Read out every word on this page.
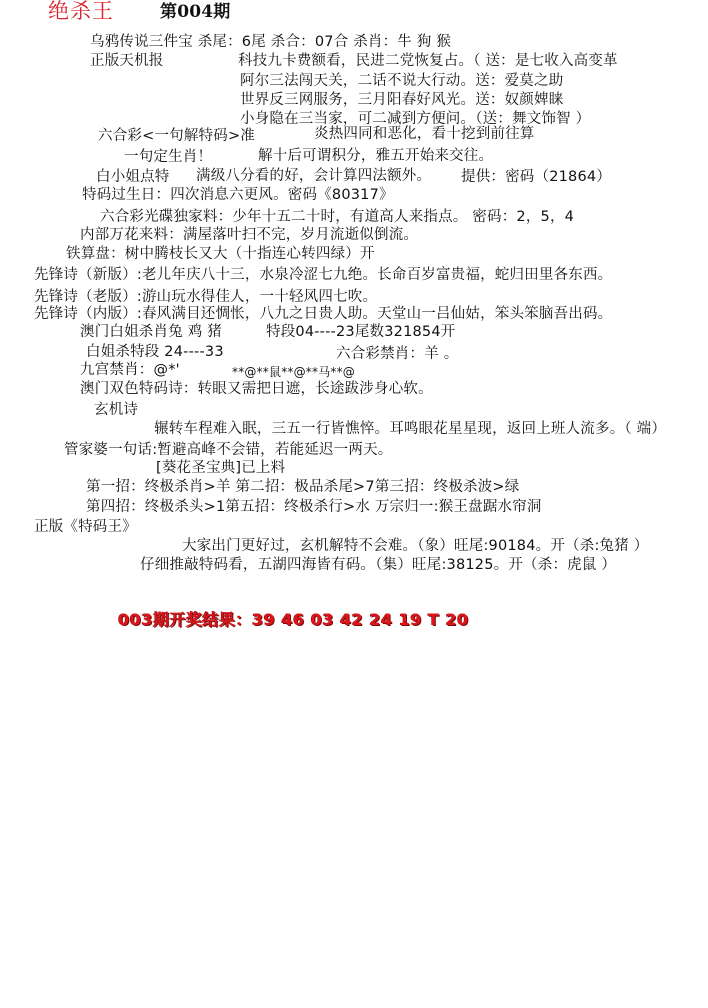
绝杀王	第004期
乌鸦传说三件宝 杀尾：6尾 杀合：07合 杀肖：牛 狗 猴
正版天机报	科技九卡费额看，民进二党恢复占。（ 送：是七收入高变革
阿尔三法闯天关，二话不说大行动。送：爱莫之助
世界反三网服务，三月阳春好风光。送：奴颜婢睐
小身隐在三当家，可二减到方便问。（送：舞文饰智 ）
六合彩<一句解特码>准	炎热四同和恶化，看十挖到前往算
一句定生肖！	解十后可谓积分，雅五开始来交往。
白小姐点特 满级八分看的好，会计算四法额外。 提供：密码（21864）
特码过生日：四次消息六更风。密码《80317》
六合彩光碟独家料：少年十五二十时，有道高人来指点。 密码：2，5，4
内部万花来料：满屋落叶扫不完，岁月流逝似倒流。
铁算盘：树中腾枝长又大（十指连心转四绿）开
先锋诗（新版）:老儿年庆八十三，水泉冷涩七九绝。长命百岁富贵福，蛇归田里各东西。
先锋诗（老版）:游山玩水得佳人，一十轻风四七吹。
先锋诗（内版）:春风满目还惆怅，八九之日贵人助。天堂山一吕仙姑，笨头笨脑吾出码。
澳门白姐杀肖兔 鸡 猪	特段04----23尾数321854开
白姐杀特段 24----33	六合彩禁肖：羊 。
九宫禁肖：@*'	**@**鼠**@**马**@
澳门双色特码诗：转眼又需把日遮，长途跋涉身心软。
玄机诗
辗转车程难入眠，三五一行皆憔悴。耳鸣眼花星星现，返回上班人流多。（ 端）
管家婆一句话:暂避高峰不会错，若能延迟一两天。
[葵花圣宝典]已上料
第一招：终极杀肖>羊 第二招：极品杀尾>7第三招：终极杀波>绿
第四招：终极杀头>1第五招：终极杀行>水 万宗归一:猴王盘踞水帘洞
正版《特码王》
大家出门更好过，玄机解特不会难。（象）旺尾:90184。开（杀:兔猪 ）
仔细推敲特码看，五湖四海皆有码。（集）旺尾:38125。开（杀：虎鼠 ）
003期开奖结果：39 46 03 42 24 19 T 20
